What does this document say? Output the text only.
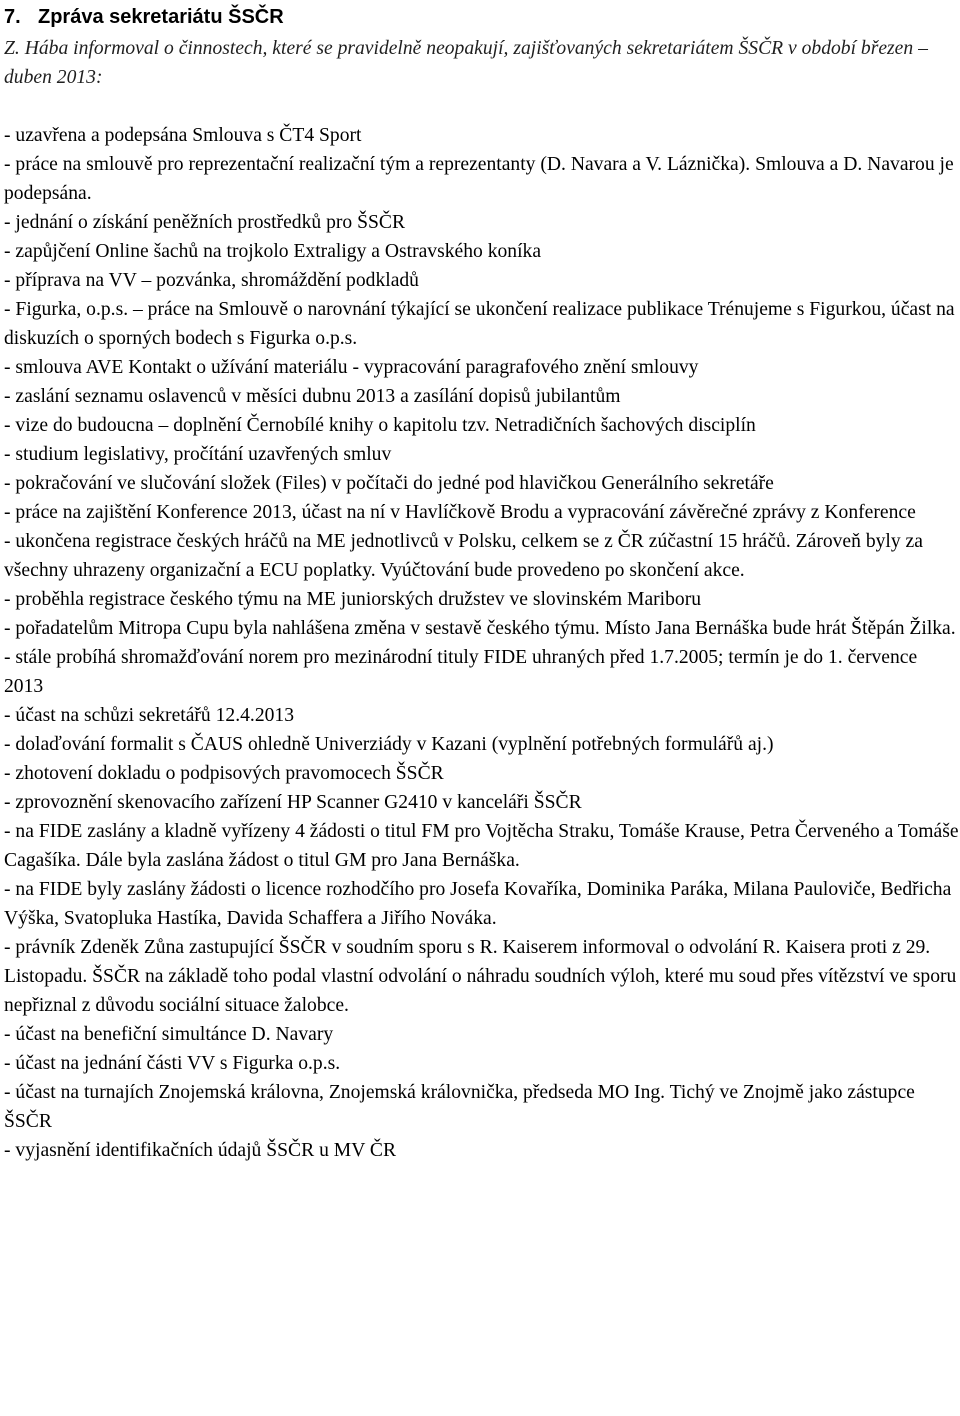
7. Zpráva sekretariátu ŠSČR

Z. Hába informoval o činnostech, které se pravidelně neopakují, zajišťovaných sekretariátem ŠSČR v období březen – duben 2013:

- uzavřena a podepsána Smlouva s ČT4 Sport
- práce na smlouvě pro reprezentační realizační tým a reprezentanty (D. Navara a V. Láznička). Smlouva a D. Navarou je podepsána.
- jednání o získání peněžních prostředků pro ŠSČR
- zapůjčení Online šachů na trojkolo Extraligy a Ostravského koníka
- příprava na VV – pozvánka, shromáždění podkladů
- Figurka, o.p.s. – práce na Smlouvě o narovnání týkající se ukončení realizace publikace Trénujeme s Figurkou, účast na diskuzích o sporných bodech s Figurka o.p.s.
- smlouva AVE Kontakt o užívání materiálu - vypracování paragrafového znění smlouvy
- zaslání seznamu oslavenců v měsíci dubnu 2013 a zasílání dopisů jubilantům
- vize do budoucna – doplnění Černobílé knihy o kapitolu tzv. Netradičních šachových disciplín
- studium legislativy, pročítání uzavřených smluv
- pokračování ve slučování složek (Files) v počítači do jedné pod hlavičkou Generálního sekretáře
- práce na zajištění Konference 2013, účast na ní v Havlíčkově Brodu a vypracování závěrečné zprávy z Konference
- ukončena registrace českých hráčů na ME jednotlivců v Polsku, celkem se z ČR zúčastní 15 hráčů. Zároveň byly za všechny uhrazeny organizační a ECU poplatky. Vyúčtování bude provedeno po skončení akce.
- proběhla registrace českého týmu na ME juniorských družstev ve slovinském Mariboru
- pořadatelům Mitropa Cupu byla nahlášena změna v sestavě českého týmu. Místo Jana Bernáška bude hrát Štěpán Žilka.
- stále probíhá shromažďování norem pro mezinárodní tituly FIDE uhraných před 1.7.2005; termín je do 1. července 2013
- účast na schůzi sekretářů 12.4.2013
- dolaďování formalit s ČAUS ohledně Univerziády v Kazani (vyplnění potřebných formulářů aj.)
- zhotovení dokladu o podpisových pravomocech ŠSČR
- zprovoznění skenovacího zařízení HP Scanner G2410 v kanceláři ŠSČR
- na FIDE zaslány a kladně vyřízeny 4 žádosti o titul FM pro Vojtěcha Straku, Tomáše Krause, Petra Červeného a Tomáše Cagašíka. Dále byla zaslána žádost o titul GM pro Jana Bernáška.
- na FIDE byly zaslány žádosti o licence rozhodčího pro Josefa Kovaříka, Dominika Paráka, Milana Pauloviče, Bedřicha Výška, Svatopluka Hastíka, Davida Schaffera a Jiřího Nováka.
- právník Zdeněk Zůna zastupující ŠSČR v soudním sporu s R. Kaiserem informoval o odvolání R. Kaisera proti z 29. Listopadu. ŠSČR na základě toho podal vlastní odvolání o náhradu soudních výloh, které mu soud přes vítězství ve sporu nepřiznal z důvodu sociální situace žalobce.
- účast na benefiční simultánce D. Navary
- účast na jednání části VV s Figurka o.p.s.
- účast na turnajích Znojemská královna, Znojemská královnička, předseda MO Ing. Tichý ve Znojmě jako zástupce ŠSČR
- vyjasnění identifikačních údajů ŠSČR u MV ČR
